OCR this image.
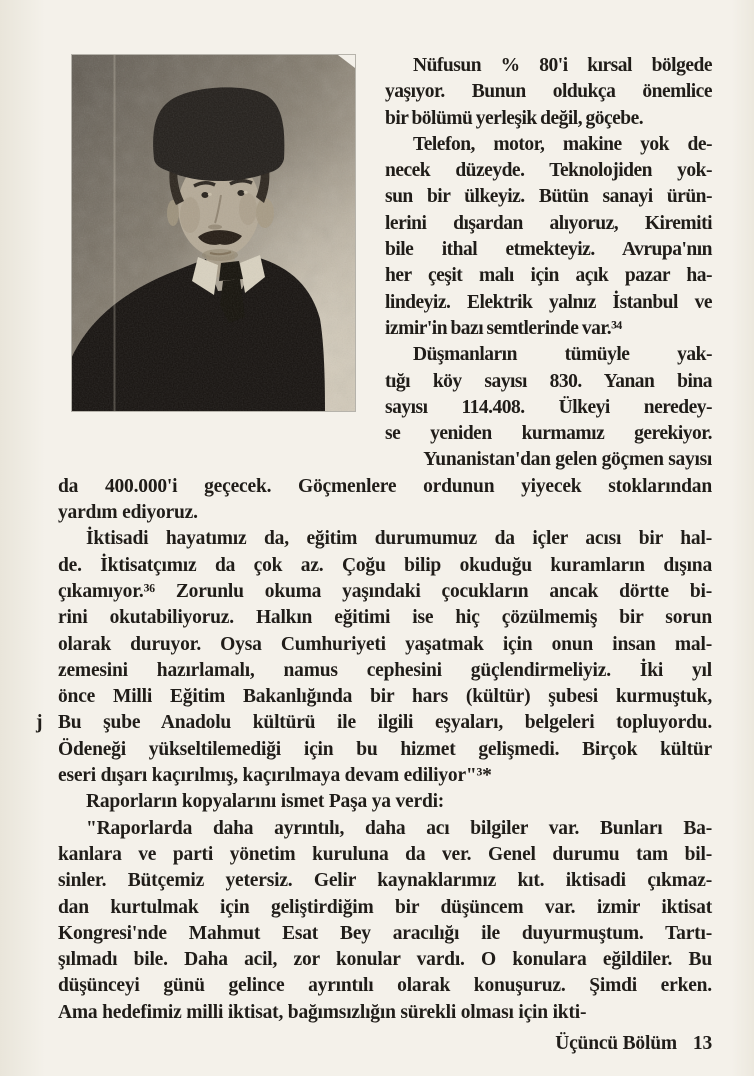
Nüfusun % 80'i kırsal bölgede
yaşıyor. Bunun oldukça önemlice
bir bölümü yerleşik değil, göçebe.
Telefon, motor, makine yok de-
necek düzeyde. Teknolojiden yok-
sun bir ülkeyiz. Bütün sanayi ürün-
lerini dışardan alıyoruz, Kiremiti
bile ithal etmekteyiz. Avrupa'nın
her çeşit malı için açık pazar ha-
lindeyiz. Elektrik yalnız İstanbul ve
izmir'in bazı semtlerinde var.³⁴
Düşmanların tümüyle yak-
tığı köy sayısı 830. Yanan bina
sayısı 114.408. Ülkeyi neredey-
se yeniden kurmamız gerekiyor.
Yunanistan'dan gelen göçmen sayısı
da 400.000'i geçecek. Göçmenlere ordunun yiyecek stoklarından
yardım ediyoruz.
İktisadi hayatımız da, eğitim durumumuz da içler acısı bir hal-
de. İktisatçımız da çok az. Çoğu bilip okuduğu kuramların dışına
çıkamıyor.³⁶ Zorunlu okuma yaşındaki çocukların ancak dörtte bi-
rini okutabiliyoruz. Halkın eğitimi ise hiç çözülmemiş bir sorun
olarak duruyor. Oysa Cumhuriyeti yaşatmak için onun insan mal-
zemesini hazırlamalı, namus cephesini güçlendirmeliyiz. İki yıl
önce Milli Eğitim Bakanlığında bir hars (kültür) şubesi kurmuştuk,
Bu şube Anadolu kültürü ile ilgili eşyaları, belgeleri topluyordu.
Ödeneği yükseltilemediği için bu hizmet gelişmedi. Birçok kültür
eseri dışarı kaçırılmış, kaçırılmaya devam ediliyor"³*
Raporların kopyalarını ismet Paşa ya verdi:
"Raporlarda daha ayrıntılı, daha acı bilgiler var. Bunları Ba-
kanlara ve parti yönetim kuruluna da ver. Genel durumu tam bil-
sinler. Bütçemiz yetersiz. Gelir kaynaklarımız kıt. iktisadi çıkmaz-
dan kurtulmak için geliştirdiğim bir düşüncem var. izmir iktisat
Kongresi'nde Mahmut Esat Bey aracılığı ile duyurmuştum. Tartı-
şılmadı bile. Daha acil, zor konular vardı. O konulara eğildiler. Bu
düşünceyi günü gelince ayrıntılı olarak konuşuruz. Şimdi erken.
Ama hedefimiz milli iktisat, bağımsızlığın sürekli olması için ikti-
j
Üçüncü Bölüm 13
